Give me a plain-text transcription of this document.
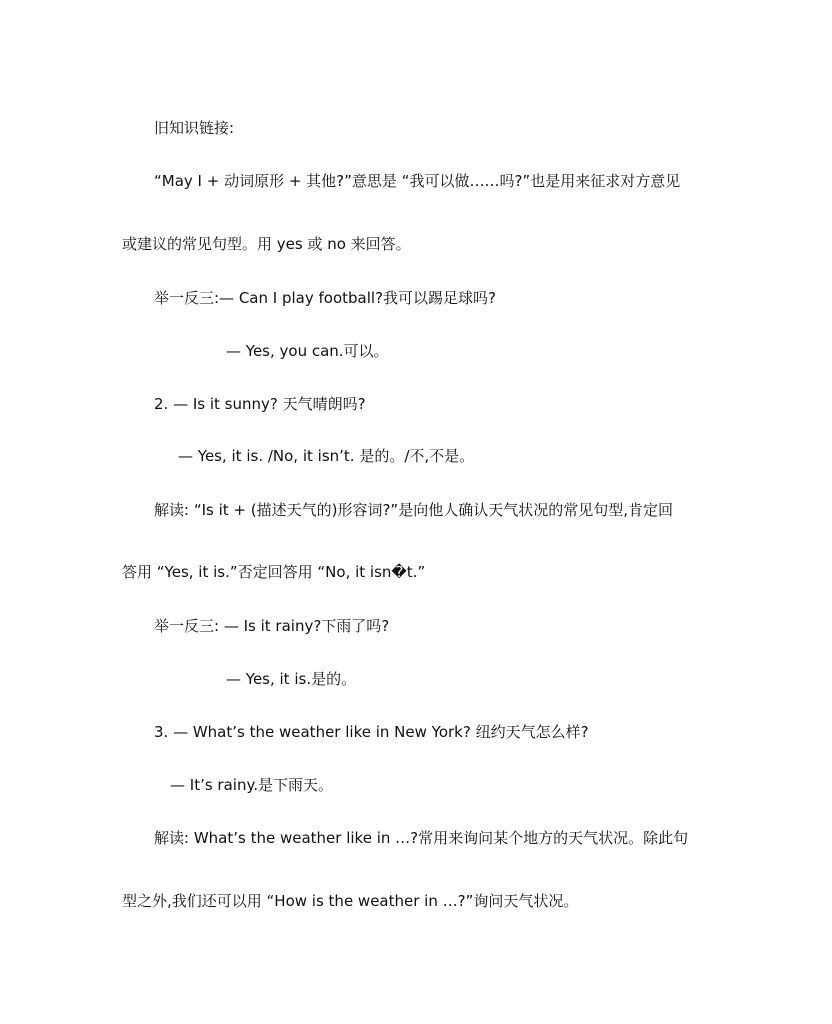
旧知识链接:
“May I + 动词原形 + 其他?”意思是 “我可以做……吗?”也是用来征求对方意见
或建议的常见句型。用 yes 或 no 来回答。
举一反三:— Can I play football?我可以踢足球吗?
— Yes, you can.可以。
2. — Is it sunny? 天气晴朗吗?
— Yes, it is. /No, it isn’t. 是的。/不,不是。
解读: “Is it + (描述天气的)形容词?”是向他人确认天气状况的常见句型,肯定回
答用 “Yes, it is.”否定回答用 “No, it isn�t.”
举一反三: — Is it rainy?下雨了吗?
— Yes, it is.是的。
3. — What’s the weather like in New York? 纽约天气怎么样?
— It’s rainy.是下雨天。
解读: What’s the weather like in …?常用来询问某个地方的天气状况。除此句
型之外,我们还可以用 “How is the weather in …?”询问天气状况。
